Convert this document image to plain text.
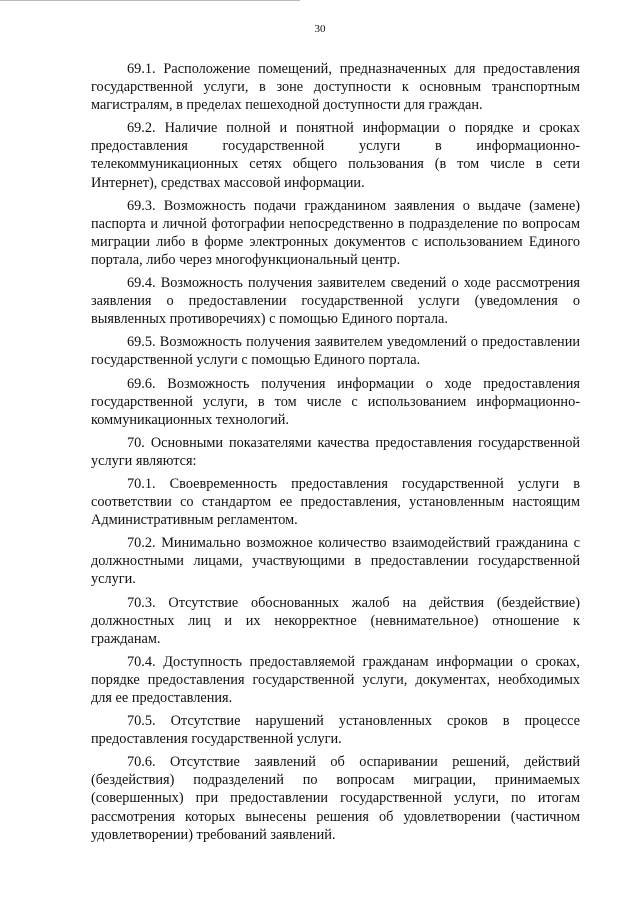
30

69.1. Расположение помещений, предназначенных для предоставления государственной услуги, в зоне доступности к основным транспортным магистралям, в пределах пешеходной доступности для граждан.

69.2. Наличие полной и понятной информации о порядке и сроках предоставления государственной услуги в информационно-телекоммуникационных сетях общего пользования (в том числе в сети Интернет), средствах массовой информации.

69.3. Возможность подачи гражданином заявления о выдаче (замене) паспорта и личной фотографии непосредственно в подразделение по вопросам миграции либо в форме электронных документов с использованием Единого портала, либо через многофункциональный центр.

69.4. Возможность получения заявителем сведений о ходе рассмотрения заявления о предоставлении государственной услуги (уведомления о выявленных противоречиях) с помощью Единого портала.

69.5. Возможность получения заявителем уведомлений о предоставлении государственной услуги с помощью Единого портала.

69.6. Возможность получения информации о ходе предоставления государственной услуги, в том числе с использованием информационно-коммуникационных технологий.

70. Основными показателями качества предоставления государственной услуги являются:

70.1. Своевременность предоставления государственной услуги в соответствии со стандартом ее предоставления, установленным настоящим Административным регламентом.

70.2. Минимально возможное количество взаимодействий гражданина с должностными лицами, участвующими в предоставлении государственной услуги.

70.3. Отсутствие обоснованных жалоб на действия (бездействие) должностных лиц и их некорректное (невнимательное) отношение к гражданам.

70.4. Доступность предоставляемой гражданам информации о сроках, порядке предоставления государственной услуги, документах, необходимых для ее предоставления.

70.5. Отсутствие нарушений установленных сроков в процессе предоставления государственной услуги.

70.6. Отсутствие заявлений об оспаривании решений, действий (бездействия) подразделений по вопросам миграции, принимаемых (совершенных) при предоставлении государственной услуги, по итогам рассмотрения которых вынесены решения об удовлетворении (частичном удовлетворении) требований заявлений.
